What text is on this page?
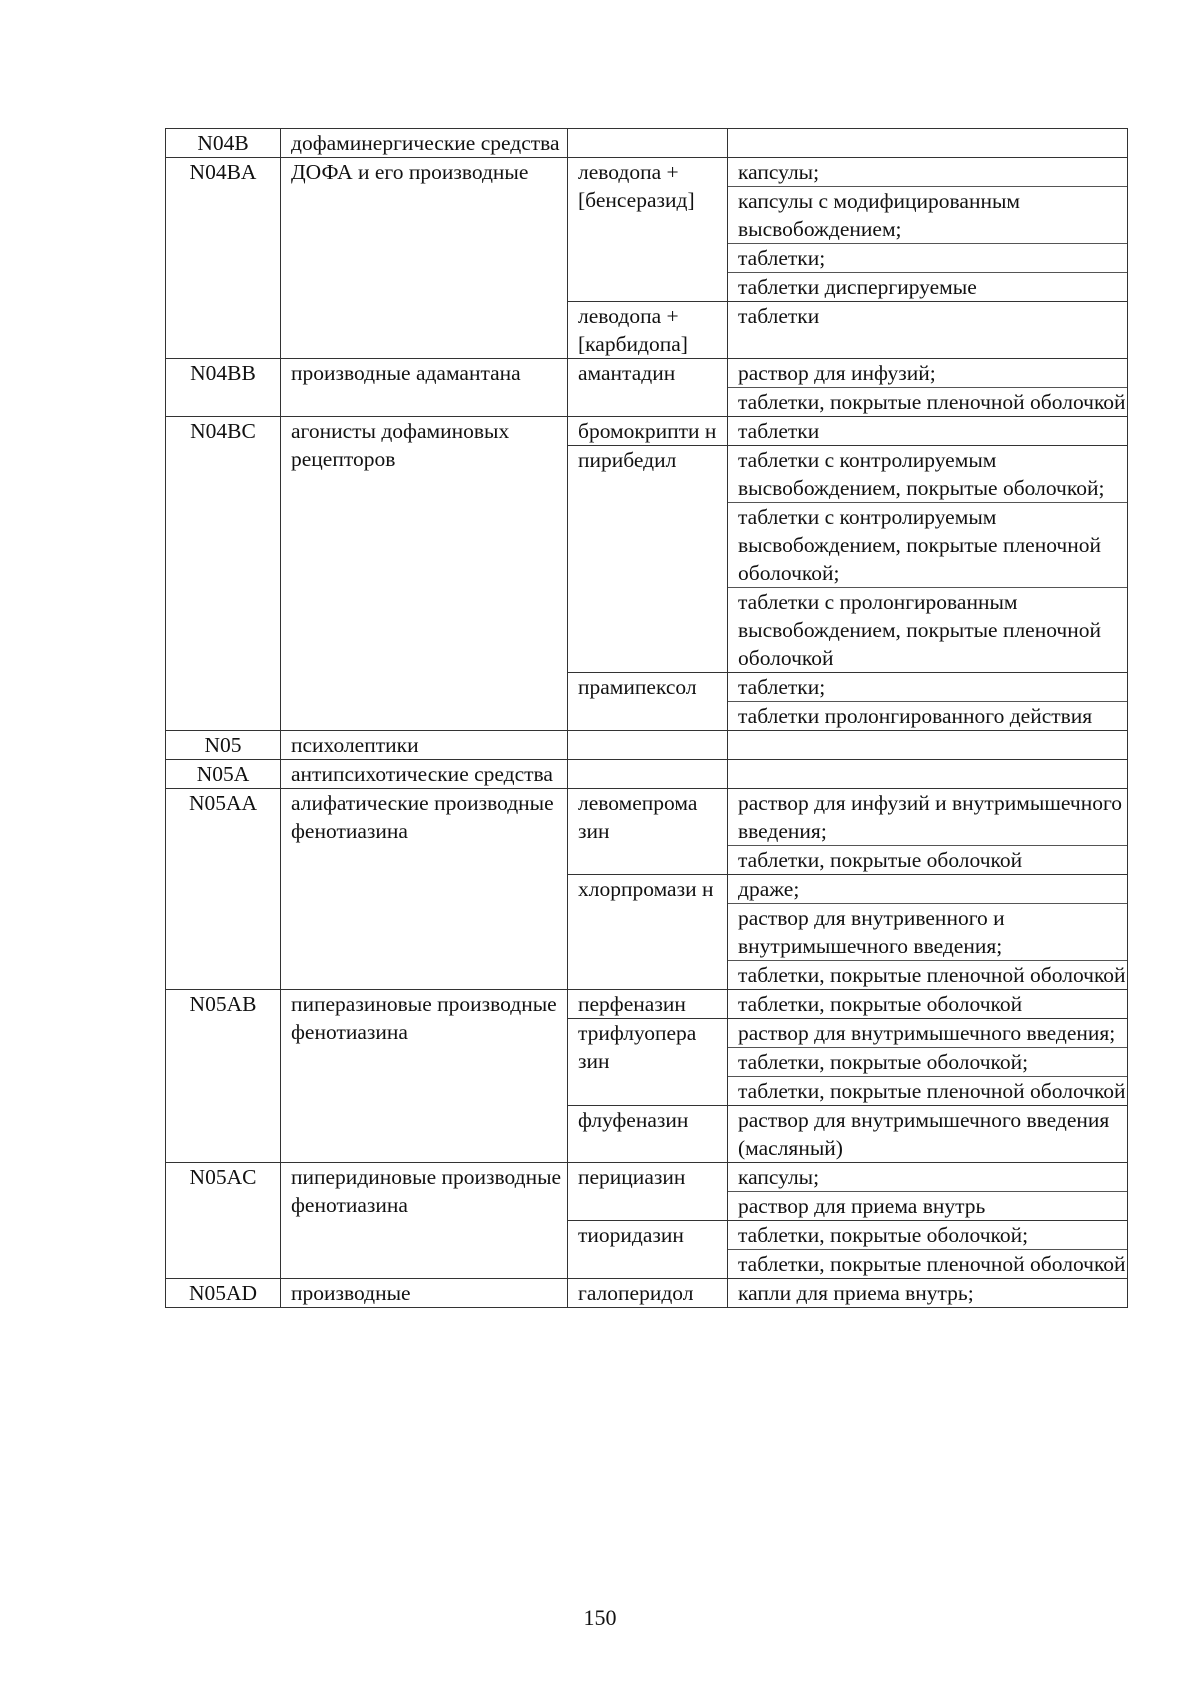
N04B	дофаминергические средства		

N04BA	ДОФА и его производные	леводопа + [бенсеразид]	капсулы;
капсулы с модифицированным высвобождением;
таблетки;
таблетки диспергируемые

		леводопа + [карбидопа]	таблетки

N04BB	производные адамантана	амантадин	раствор для инфузий;
таблетки, покрытые пленочной оболочкой

N04BC	агонисты дофаминовых рецепторов	бромокрипти н	таблетки

		пирибедил	таблетки с контролируемым высвобождением, покрытые оболочкой;
таблетки с контролируемым высвобождением, покрытые пленочной оболочкой;
таблетки с пролонгированным высвобождением, покрытые пленочной оболочкой

		прамипексол	таблетки;
таблетки пролонгированного действия

N05	психолептики		

N05A	антипсихотические средства		

N05AA	алифатические производные фенотиазина	левомепрома зин	раствор для инфузий и внутримышечного введения;
таблетки, покрытые оболочкой

		хлорпромази н	драже;
раствор для внутривенного и внутримышечного введения;
таблетки, покрытые пленочной оболочкой

N05AB	пиперазиновые производные фенотиазина	перфеназин	таблетки, покрытые оболочкой

		трифлуопера зин	раствор для внутримышечного введения;
таблетки, покрытые оболочкой;
таблетки, покрытые пленочной оболочкой

		флуфеназин	раствор для внутримышечного введения (масляный)

N05AC	пиперидиновые производные фенотиазина	перициазин	капсулы;
раствор для приема внутрь

		тиоридазин	таблетки, покрытые оболочкой;
таблетки, покрытые пленочной оболочкой

N05AD	производные	галоперидол	капли для приема внутрь;
150
